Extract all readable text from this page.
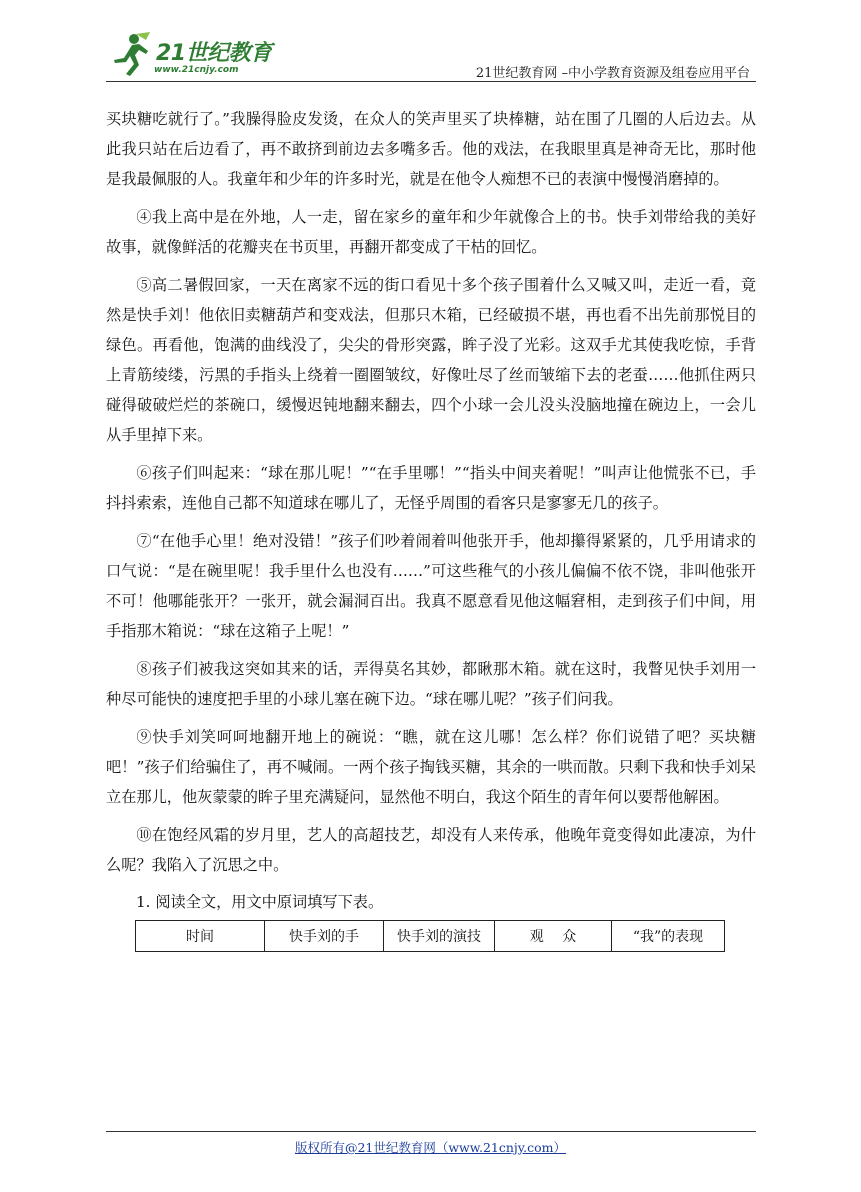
21世纪教育
www.21cnjy.com	21世纪教育网 –中小学教育资源及组卷应用平台

买块糖吃就行了。”我臊得脸皮发烫，在众人的笑声里买了块棒糖，站在围了几圈的人后边去。从此我只站在后边看了，再不敢挤到前边去多嘴多舌。他的戏法，在我眼里真是神奇无比，那时他是我最佩服的人。我童年和少年的许多时光，就是在他令人痴想不已的表演中慢慢消磨掉的。

④我上高中是在外地，人一走，留在家乡的童年和少年就像合上的书。快手刘带给我的美好故事，就像鲜活的花瓣夹在书页里，再翻开都变成了干枯的回忆。

⑤高二暑假回家，一天在离家不远的街口看见十多个孩子围着什么又喊又叫，走近一看，竟然是快手刘！他依旧卖糖葫芦和变戏法，但那只木箱，已经破损不堪，再也看不出先前那悦目的绿色。再看他，饱满的曲线没了，尖尖的骨形突露，眸子没了光彩。这双手尤其使我吃惊，手背上青筋绫缕，污黑的手指头上绕着一圈圈皱纹，好像吐尽了丝而皱缩下去的老蚕……他抓住两只碰得破破烂烂的茶碗口，缓慢迟钝地翻来翻去，四个小球一会儿没头没脑地撞在碗边上，一会儿从手里掉下来。

⑥孩子们叫起来：“球在那儿呢！”“在手里哪！”“指头中间夹着呢！”叫声让他慌张不已，手抖抖索索，连他自己都不知道球在哪儿了，无怪乎周围的看客只是寥寥无几的孩子。

⑦“在他手心里！绝对没错！”孩子们吵着闹着叫他张开手，他却攥得紧紧的，几乎用请求的口气说：“是在碗里呢！我手里什么也没有……”可这些稚气的小孩儿偏偏不依不饶，非叫他张开不可！他哪能张开？一张开，就会漏洞百出。我真不愿意看见他这幅窘相，走到孩子们中间，用手指那木箱说：“球在这箱子上呢！”

⑧孩子们被我这突如其来的话，弄得莫名其妙，都瞅那木箱。就在这时，我瞥见快手刘用一种尽可能快的速度把手里的小球儿塞在碗下边。“球在哪儿呢？”孩子们问我。

⑨快手刘笑呵呵地翻开地上的碗说：“瞧，就在这儿哪！怎么样？你们说错了吧？买块糖吧！”孩子们给骗住了，再不喊闹。一两个孩子掏钱买糖，其余的一哄而散。只剩下我和快手刘呆立在那儿，他灰蒙蒙的眸子里充满疑问，显然他不明白，我这个陌生的青年何以要帮他解困。

⑩在饱经风霜的岁月里，艺人的高超技艺，却没有人来传承，他晚年竟变得如此凄凉，为什么呢？我陷入了沉思之中。

1. 阅读全文，用文中原词填写下表。
时间	快手刘的手	快手刘的演技	观　 众	“我”的表现
版权所有@21世纪教育网（www.21cnjy.com）
